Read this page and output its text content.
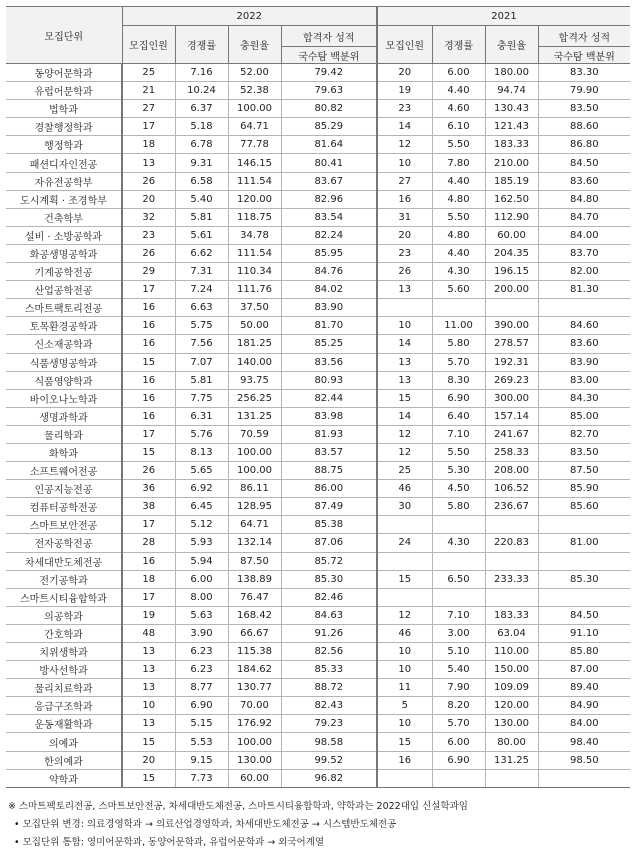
모집단위	2022				2021			
	모집인원	경쟁률	충원율	합격자 성적	모집인원	경쟁률	충원율	합격자 성적
				국수탐 백분위				국수탐 백분위
동양어문학과	25	7.16	52.00	79.42	20	6.00	180.00	83.30
유럽어문학과	21	10.24	52.38	79.63	19	4.40	94.74	79.90
법학과	27	6.37	100.00	80.82	23	4.60	130.43	83.50
경찰행정학과	17	5.18	64.71	85.29	14	6.10	121.43	88.60
행정학과	18	6.78	77.78	81.64	12	5.50	183.33	86.80
패션디자인전공	13	9.31	146.15	80.41	10	7.80	210.00	84.50
자유전공학부	26	6.58	111.54	83.67	27	4.40	185.19	83.60
도시계획 · 조경학부	20	5.40	120.00	82.96	16	4.80	162.50	84.80
건축학부	32	5.81	118.75	83.54	31	5.50	112.90	84.70
설비 · 소방공학과	23	5.61	34.78	82.24	20	4.80	60.00	84.00
화공생명공학과	26	6.62	111.54	85.95	23	4.40	204.35	83.70
기계공학전공	29	7.31	110.34	84.76	26	4.30	196.15	82.00
산업공학전공	17	7.24	111.76	84.02	13	5.60	200.00	81.30
스마트팩토리전공	16	6.63	37.50	83.90				
토목환경공학과	16	5.75	50.00	81.70	10	11.00	390.00	84.60
신소재공학과	16	7.56	181.25	85.25	14	5.80	278.57	83.60
식품생명공학과	15	7.07	140.00	83.56	13	5.70	192.31	83.90
식품영양학과	16	5.81	93.75	80.93	13	8.30	269.23	83.00
바이오나노학과	16	7.75	256.25	82.44	15	6.90	300.00	84.30
생명과학과	16	6.31	131.25	83.98	14	6.40	157.14	85.00
물리학과	17	5.76	70.59	81.93	12	7.10	241.67	82.70
화학과	15	8.13	100.00	83.57	12	5.50	258.33	83.50
소프트웨어전공	26	5.65	100.00	88.75	25	5.30	208.00	87.50
인공지능전공	36	6.92	86.11	86.00	46	4.50	106.52	85.90
컴퓨터공학전공	38	6.45	128.95	87.49	30	5.80	236.67	85.60
스마트보안전공	17	5.12	64.71	85.38				
전자공학전공	28	5.93	132.14	87.06	24	4.30	220.83	81.00
차세대반도체전공	16	5.94	87.50	85.72				
전기공학과	18	6.00	138.89	85.30	15	6.50	233.33	85.30
스마트시티융합학과	17	8.00	76.47	82.46				
의공학과	19	5.63	168.42	84.63	12	7.10	183.33	84.50
간호학과	48	3.90	66.67	91.26	46	3.00	63.04	91.10
치위생학과	13	6.23	115.38	82.56	10	5.10	110.00	85.80
방사선학과	13	6.23	184.62	85.33	10	5.40	150.00	87.00
물리치료학과	13	8.77	130.77	88.72	11	7.90	109.09	89.40
응급구조학과	10	6.90	70.00	82.43	5	8.20	120.00	84.90
운동재활학과	13	5.15	176.92	79.23	10	5.70	130.00	84.00
의예과	15	5.53	100.00	98.58	15	6.00	80.00	98.40
한의예과	20	9.15	130.00	99.52	16	6.90	131.25	98.50
약학과	15	7.73	60.00	96.82				
※ 스마트팩토리전공, 스마트보안전공, 차세대반도체전공, 스마트시티융합학과, 약학과는 2022대입 신설학과임
• 모집단위 변경: 의료경영학과 → 의료산업경영학과, 차세대반도체전공 → 시스템반도체전공
• 모집단위 통합: 영미어문학과, 동양어문학과, 유럽어문학과 → 외국어계열
